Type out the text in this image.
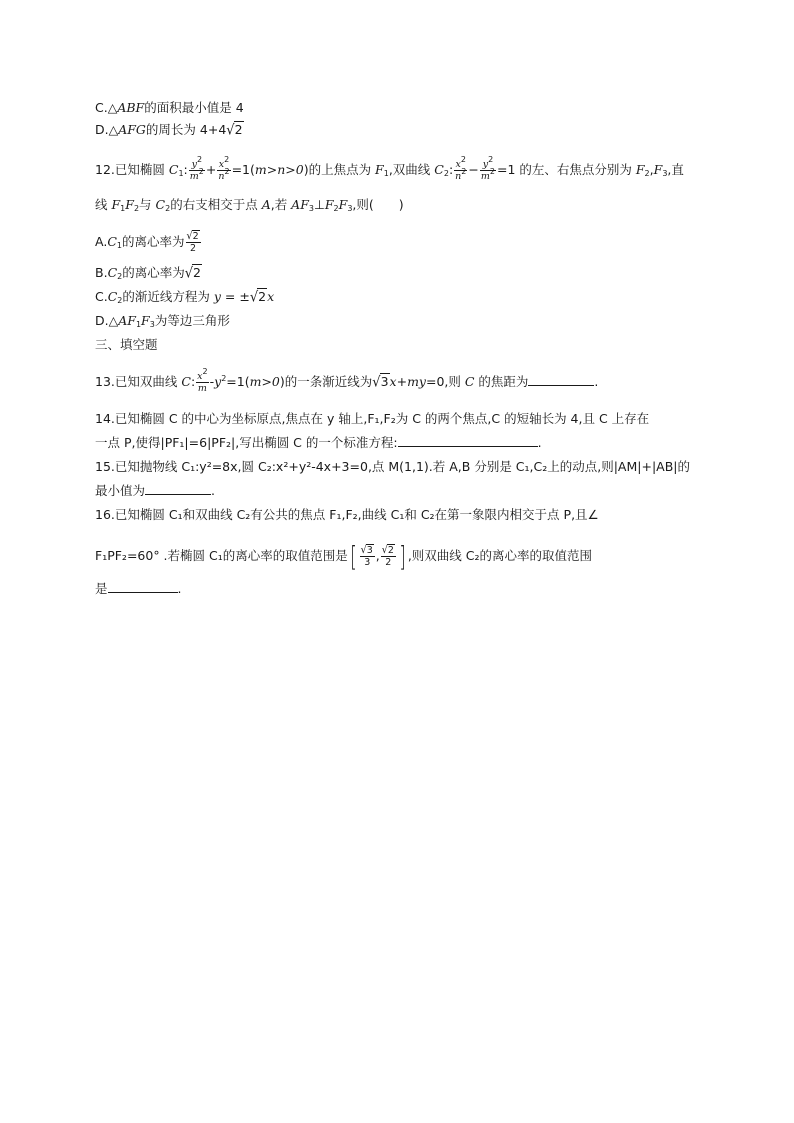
C.△ABF的面积最小值是 4
D.△AFG的周长为 4+4√2
12.已知椭圆 $C_1$: $\frac{y^2}{m^2} + \frac{x^2}{n^2} =1(m>n>0)$的上焦点为 $F_1$,双曲线 $C_2$: $\frac{x^2}{n^2} - \frac{y^2}{m^2} =1$ 的左、右焦点分别为 $F_2,F_3$,直
线 $F_1F_2$与 $C_2$的右支相交于点 A,若 $AF_3\perp F_2F_3$,则(　　)
$A.C_1$的离心率为 $\frac{√2}{2}$
$B.C_2$的离心率为√2
$C.C_2$的渐近线方程为 y = ±√2x
$D.\triangle AF_1F_3$为等边三角形
三、填空题
13.已知双曲线 C: $\frac{x^2}{m} -y^2=1(m>0)$的一条渐近线为√3x+my=0,则 C 的焦距为	.
14.已知椭圆 C 的中心为坐标原点,焦点在 y 轴上,F₁,F₂为 C 的两个焦点,C 的短轴长为 4,且 C 上存在
一点 P,使得|PF₁|=6|PF₂|,写出椭圆 C 的一个标准方程:	.
15.已知抛物线 C₁:y²=8x,圆 C₂:x²+y²-4x+3=0,点 M(1,1).若 A,B 分别是 C₁,C₂上的动点,则|AM|+|AB|的
最小值为	.
16.已知椭圆 C₁和双曲线 C₂有公共的焦点 F₁,F₂,曲线 C₁和 C₂在第一象限内相交于点 P,且∠
F₁PF₂=60° .若椭圆 C₁的离心率的取值范围是[ $\frac{√3}{3}$ , $\frac{√2}{2}$ ] ,则双曲线 C₂的离心率的取值范围
是	.
